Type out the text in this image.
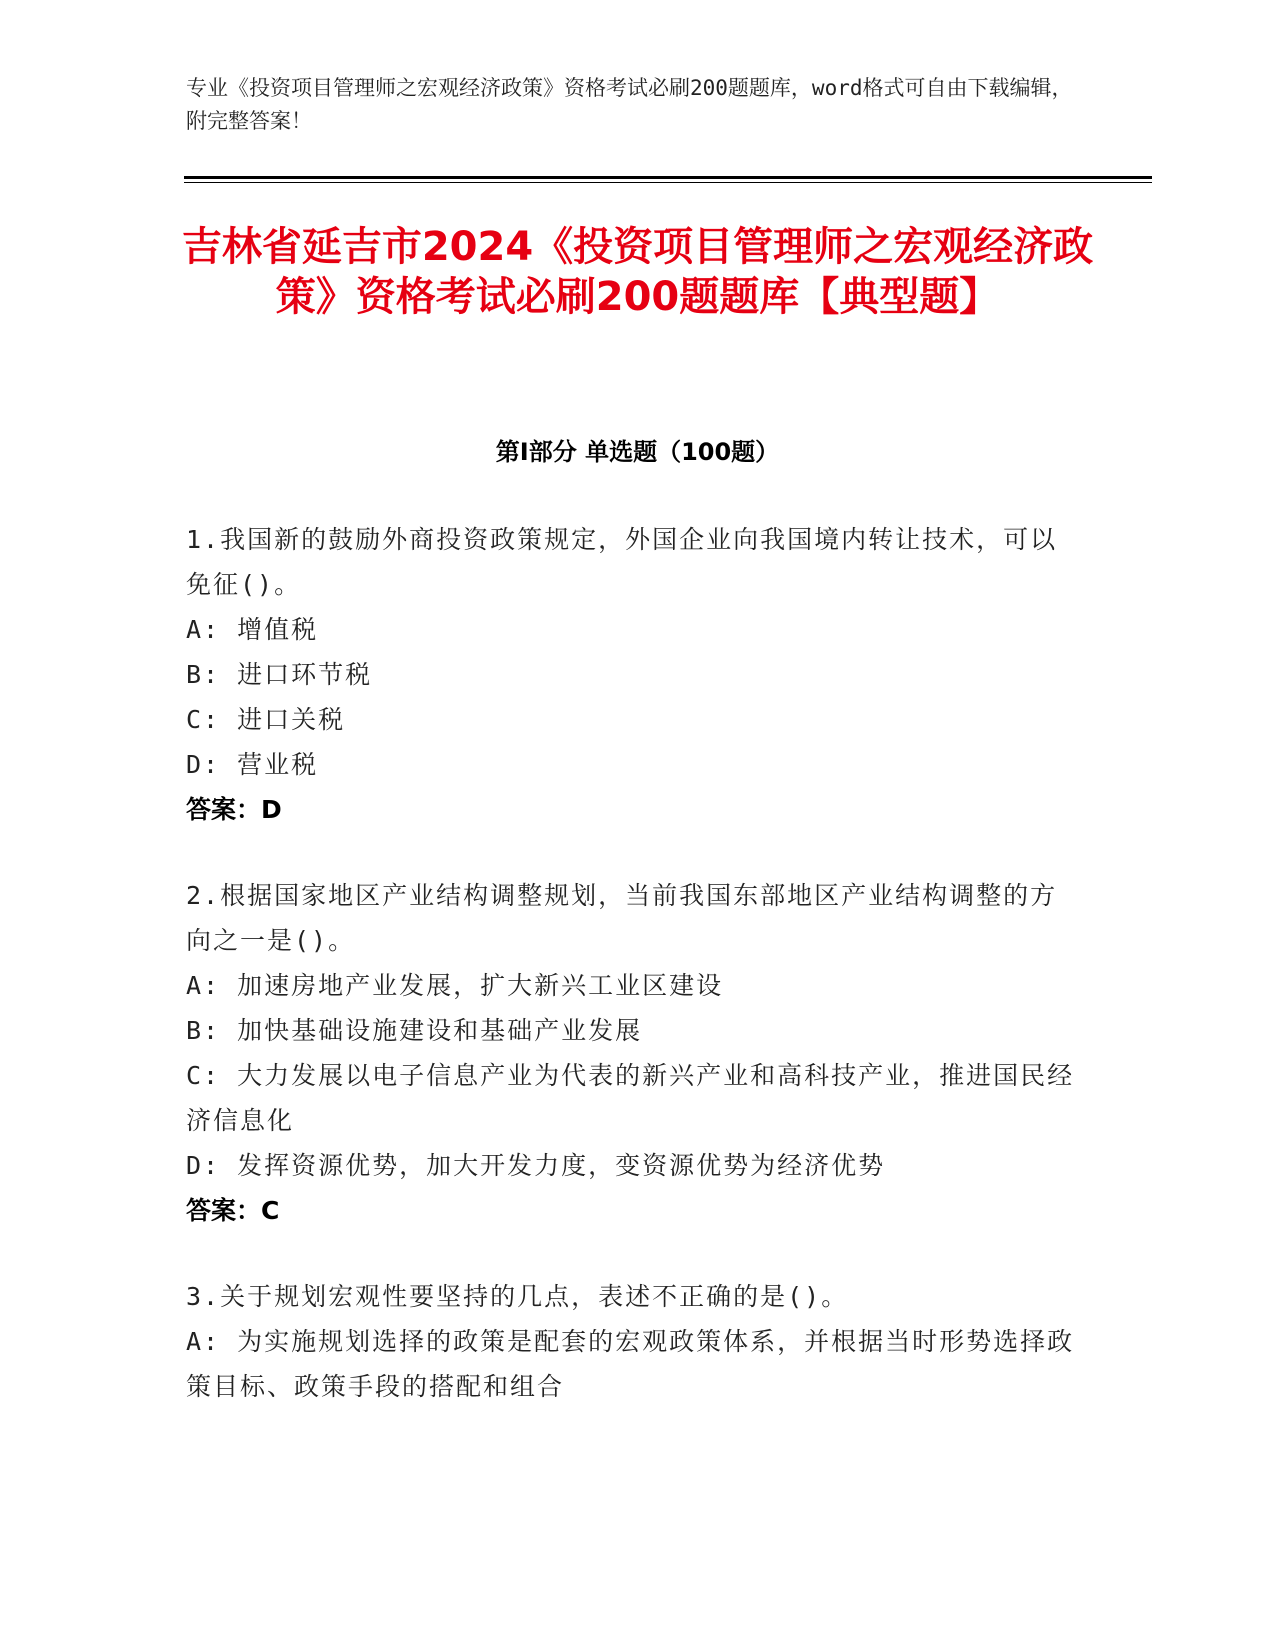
专业《投资项目管理师之宏观经济政策》资格考试必刷200题题库，word格式可自由下载编辑，附完整答案！
吉林省延吉市2024《投资项目管理师之宏观经济政策》资格考试必刷200题题库【典型题】
第Ⅰ部分 单选题（100题）
1.我国新的鼓励外商投资政策规定，外国企业向我国境内转让技术，可以免征()。
A: 增值税
B: 进口环节税
C: 进口关税
D: 营业税
答案：D
2.根据国家地区产业结构调整规划，当前我国东部地区产业结构调整的方向之一是()。
A: 加速房地产业发展，扩大新兴工业区建设
B: 加快基础设施建设和基础产业发展
C: 大力发展以电子信息产业为代表的新兴产业和高科技产业，推进国民经济信息化
D: 发挥资源优势，加大开发力度，变资源优势为经济优势
答案：C
3.关于规划宏观性要坚持的几点，表述不正确的是()。
A: 为实施规划选择的政策是配套的宏观政策体系，并根据当时形势选择政策目标、政策手段的搭配和组合
